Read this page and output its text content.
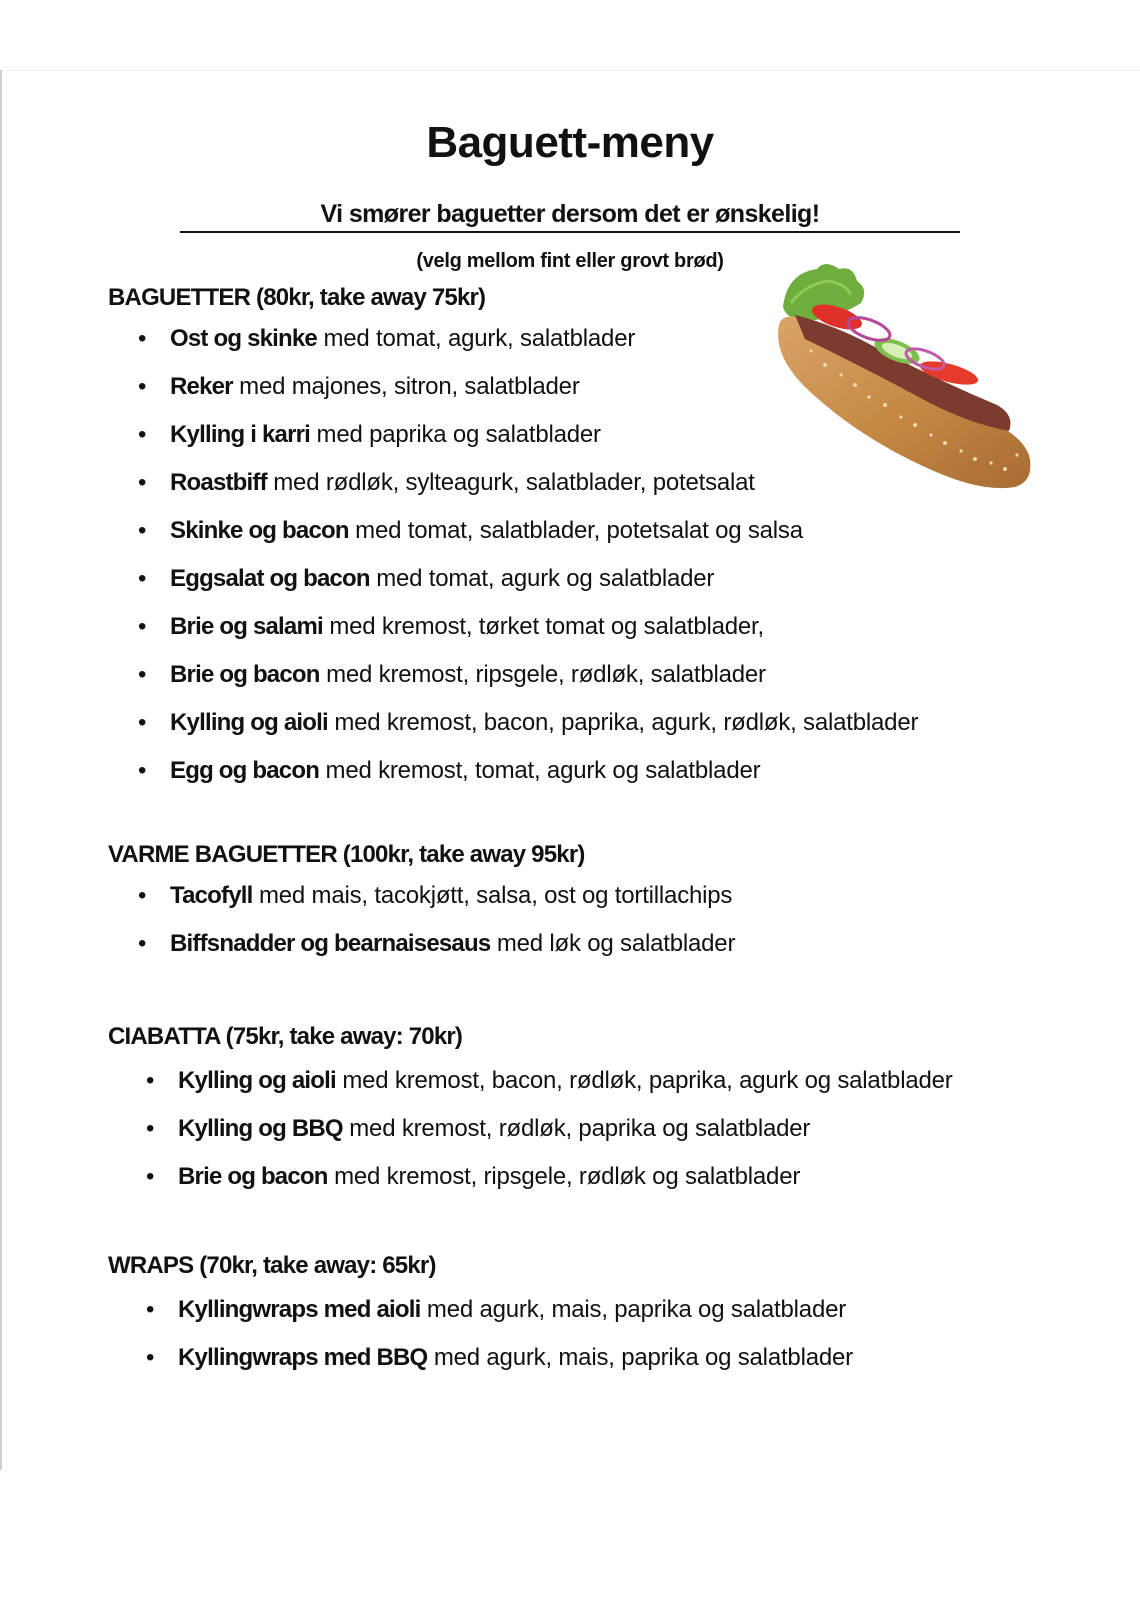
Baguett-meny
Vi smører baguetter dersom det er ønskelig!
(velg mellom fint eller grovt brød)
BAGUETTER (80kr, take away 75kr)
• Ost og skinke med tomat, agurk, salatblader
• Reker med majones, sitron, salatblader
• Kylling i karri med paprika og salatblader
• Roastbiff med rødløk, sylteagurk, salatblader, potetsalat
• Skinke og bacon med tomat, salatblader, potetsalat og salsa
• Eggsalat og bacon med tomat, agurk og salatblader
• Brie og salami med kremost, tørket tomat og salatblader,
• Brie og bacon med kremost, ripsgele, rødløk, salatblader
• Kylling og aioli med kremost, bacon, paprika, agurk, rødløk, salatblader
• Egg og bacon med kremost, tomat, agurk og salatblader
VARME BAGUETTER (100kr, take away 95kr)
• Tacofyll med mais, tacokjøtt, salsa, ost og tortillachips
• Biffsnadder og bearnaisesaus med løk og salatblader
CIABATTA (75kr, take away: 70kr)
• Kylling og aioli med kremost, bacon, rødløk, paprika, agurk og salatblader
• Kylling og BBQ med kremost, rødløk, paprika og salatblader
• Brie og bacon med kremost, ripsgele, rødløk og salatblader
WRAPS (70kr, take away: 65kr)
• Kyllingwraps med aioli med agurk, mais, paprika og salatblader
• Kyllingwraps med BBQ med agurk, mais, paprika og salatblader
